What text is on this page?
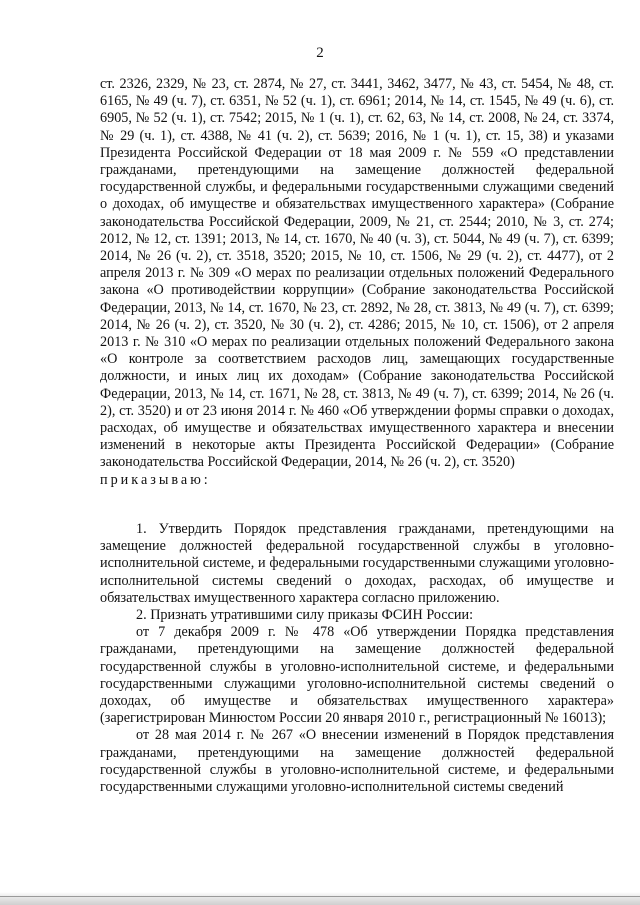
2

ст. 2326, 2329, № 23, ст. 2874, № 27, ст. 3441, 3462, 3477, № 43, ст. 5454, № 48, ст. 6165, № 49 (ч. 7), ст. 6351, № 52 (ч. 1), ст. 6961; 2014, № 14, ст. 1545, № 49 (ч. 6), ст. 6905, № 52 (ч. 1), ст. 7542; 2015, № 1 (ч. 1), ст. 62, 63, № 14, ст. 2008, № 24, ст. 3374, № 29 (ч. 1), ст. 4388, № 41 (ч. 2), ст. 5639; 2016, № 1 (ч. 1), ст. 15, 38) и указами Президента Российской Федерации от 18 мая 2009 г. № 559 «О представлении гражданами, претендующими на замещение должностей федеральной государственной службы, и федеральными государственными служащими сведений о доходах, об имуществе и обязательствах имущественного характера» (Собрание законодательства Российской Федерации, 2009, № 21, ст. 2544; 2010, № 3, ст. 274; 2012, № 12, ст. 1391; 2013, № 14, ст. 1670, № 40 (ч. 3), ст. 5044, № 49 (ч. 7), ст. 6399; 2014, № 26 (ч. 2), ст. 3518, 3520; 2015, № 10, ст. 1506, № 29 (ч. 2), ст. 4477), от 2 апреля 2013 г. № 309 «О мерах по реализации отдельных положений Федерального закона «О противодействии коррупции» (Собрание законодательства Российской Федерации, 2013, № 14, ст. 1670, № 23, ст. 2892, № 28, ст. 3813, № 49 (ч. 7), ст. 6399; 2014, № 26 (ч. 2), ст. 3520, № 30 (ч. 2), ст. 4286; 2015, № 10, ст. 1506), от 2 апреля 2013 г. № 310 «О мерах по реализации отдельных положений Федерального закона «О контроле за соответствием расходов лиц, замещающих государственные должности, и иных лиц их доходам» (Собрание законодательства Российской Федерации, 2013, № 14, ст. 1671, № 28, ст. 3813, № 49 (ч. 7), ст. 6399; 2014, № 26 (ч. 2), ст. 3520) и от 23 июня 2014 г. № 460 «Об утверждении формы справки о доходах, расходах, об имуществе и обязательствах имущественного характера и внесении изменений в некоторые акты Президента Российской Федерации» (Собрание законодательства Российской Федерации, 2014, № 26 (ч. 2), ст. 3520)

приказываю:

1. Утвердить Порядок представления гражданами, претендующими на замещение должностей федеральной государственной службы в уголовно-исполнительной системе, и федеральными государственными служащими уголовно-исполнительной системы сведений о доходах, расходах, об имуществе и обязательствах имущественного характера согласно приложению.

2. Признать утратившими силу приказы ФСИН России:

от 7 декабря 2009 г. № 478 «Об утверждении Порядка представления гражданами, претендующими на замещение должностей федеральной государственной службы в уголовно-исполнительной системе, и федеральными государственными служащими уголовно-исполнительной системы сведений о доходах, об имуществе и обязательствах имущественного характера» (зарегистрирован Минюстом России 20 января 2010 г., регистрационный № 16013);

от 28 мая 2014 г. № 267 «О внесении изменений в Порядок представления гражданами, претендующими на замещение должностей федеральной государственной службы в уголовно-исполнительной системе, и федеральными государственными служащими уголовно-исполнительной системы сведений
